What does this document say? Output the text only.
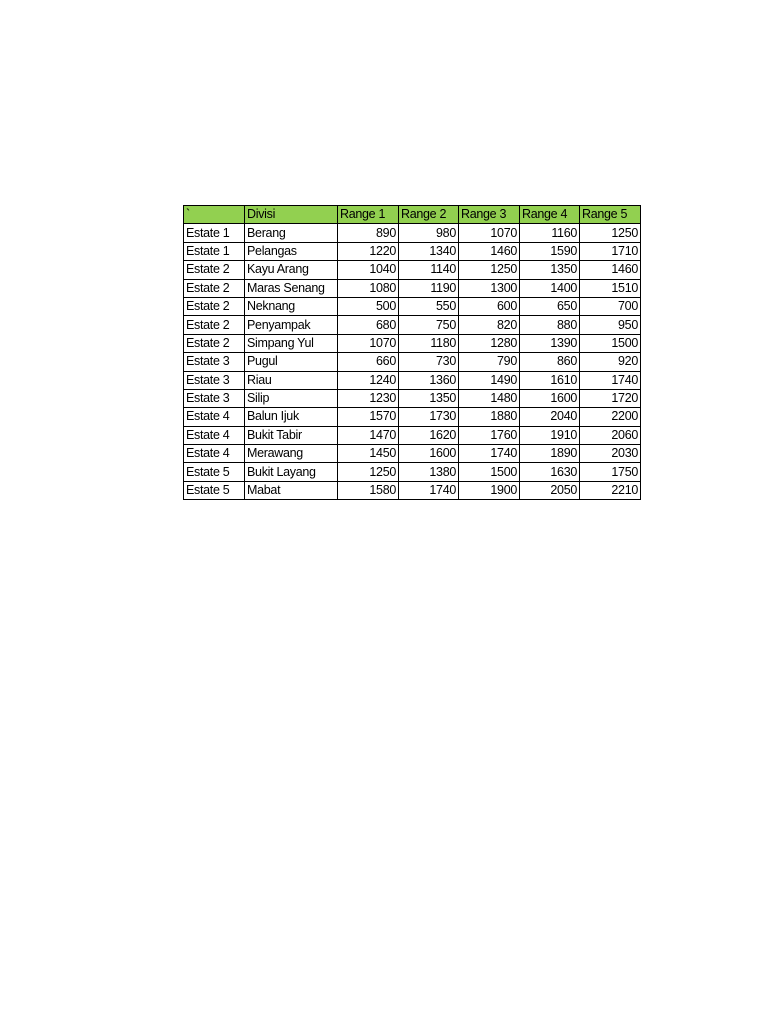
`	Divisi	Range 1	Range 2	Range 3	Range 4	Range 5
Estate 1	Berang	890	980	1070	1160	1250
Estate 1	Pelangas	1220	1340	1460	1590	1710
Estate 2	Kayu Arang	1040	1140	1250	1350	1460
Estate 2	Maras Senang	1080	1190	1300	1400	1510
Estate 2	Neknang	500	550	600	650	700
Estate 2	Penyampak	680	750	820	880	950
Estate 2	Simpang Yul	1070	1180	1280	1390	1500
Estate 3	Pugul	660	730	790	860	920
Estate 3	Riau	1240	1360	1490	1610	1740
Estate 3	Silip	1230	1350	1480	1600	1720
Estate 4	Balun Ijuk	1570	1730	1880	2040	2200
Estate 4	Bukit Tabir	1470	1620	1760	1910	2060
Estate 4	Merawang	1450	1600	1740	1890	2030
Estate 5	Bukit Layang	1250	1380	1500	1630	1750
Estate 5	Mabat	1580	1740	1900	2050	2210
